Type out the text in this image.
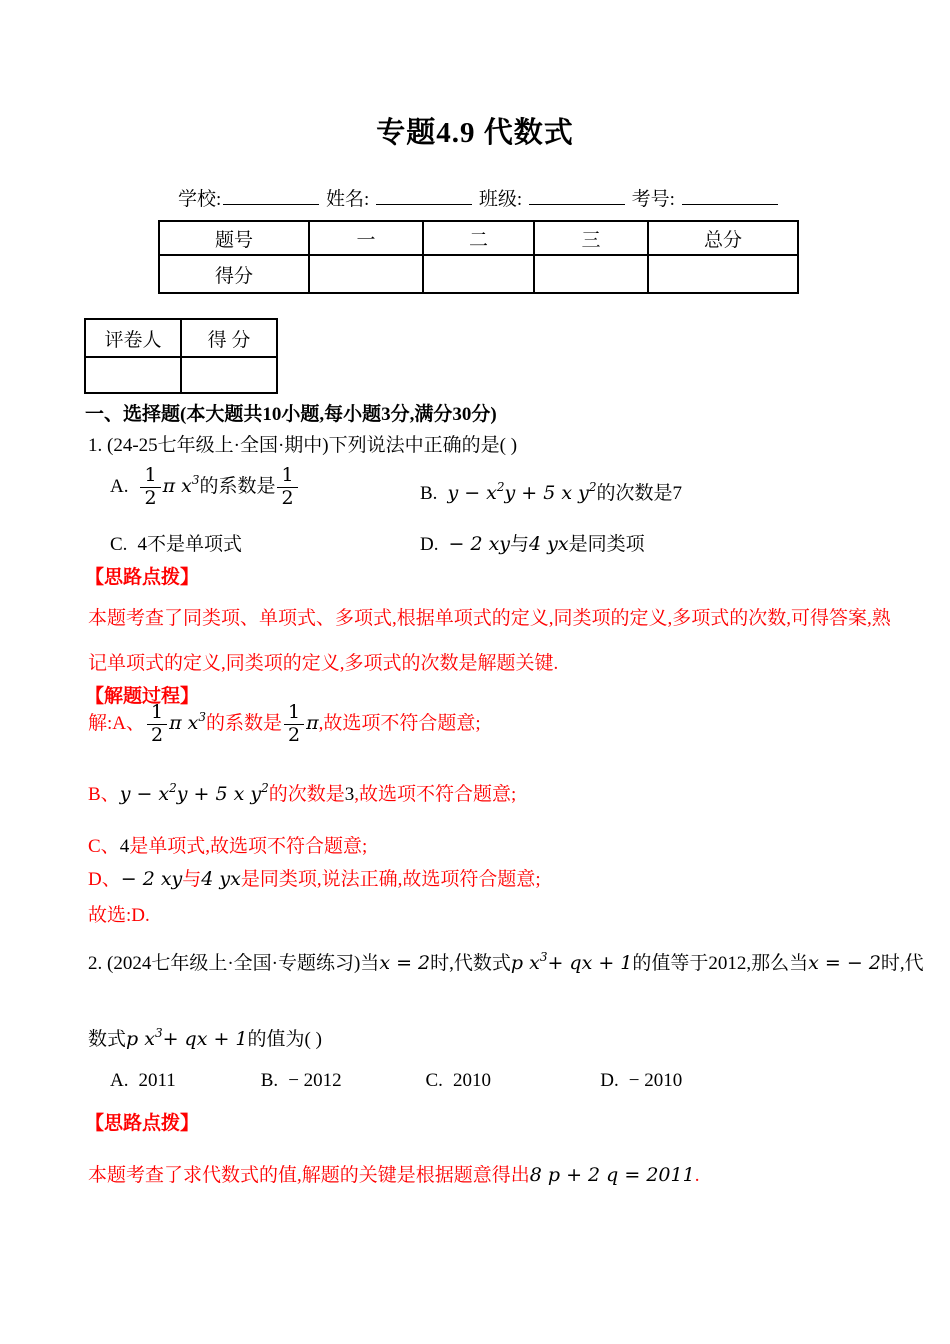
专题4.9 代数式
学校:	姓名:	班级:	考号:
题号	一	二	三	总分
得分				
评卷人	得 分

一、选择题(本大题共10小题,每小题3分,满分30分)
1. (24-25七年级上·全国·期中)下列说法中正确的是( )
A. $\frac{1}{2}$ π $x^3$的系数是 $\frac{1}{2}$	B. $y - x^2y + 5$ x $y^2$的次数是7
C. 4不是单项式	D. − 2 xy与4 yx是同类项
【思路点拨】
本题考查了同类项、单项式、多项式,根据单项式的定义,同类项的定义,多项式的次数,可得答案,熟
记单项式的定义,同类项的定义,多项式的次数是解题关键.
【解题过程】
解:A、 $\frac{1}{2}$ π $x^3$的系数是 $\frac{1}{2} \pi$,故选项不符合题意;
B、$y - x^2y + 5$ x $y^2$的次数是3,故选项不符合题意;
C、4是单项式,故选项不符合题意;
D、− 2 xy与4 yx是同类项,说法正确,故选项符合题意;
故选:D.
2. (2024七年级上·全国·专题练习)当x = 2时,代数式p $x^3+$ qx + 1的值等于2012,那么当x = − 2时,代
数式p $x^3+$ qx + 1的值为( )
A. 2011	B. − 2012	C. 2010	D. − 2010
【思路点拨】
本题考查了求代数式的值,解题的关键是根据题意得出8 p + 2 q = 2011.
